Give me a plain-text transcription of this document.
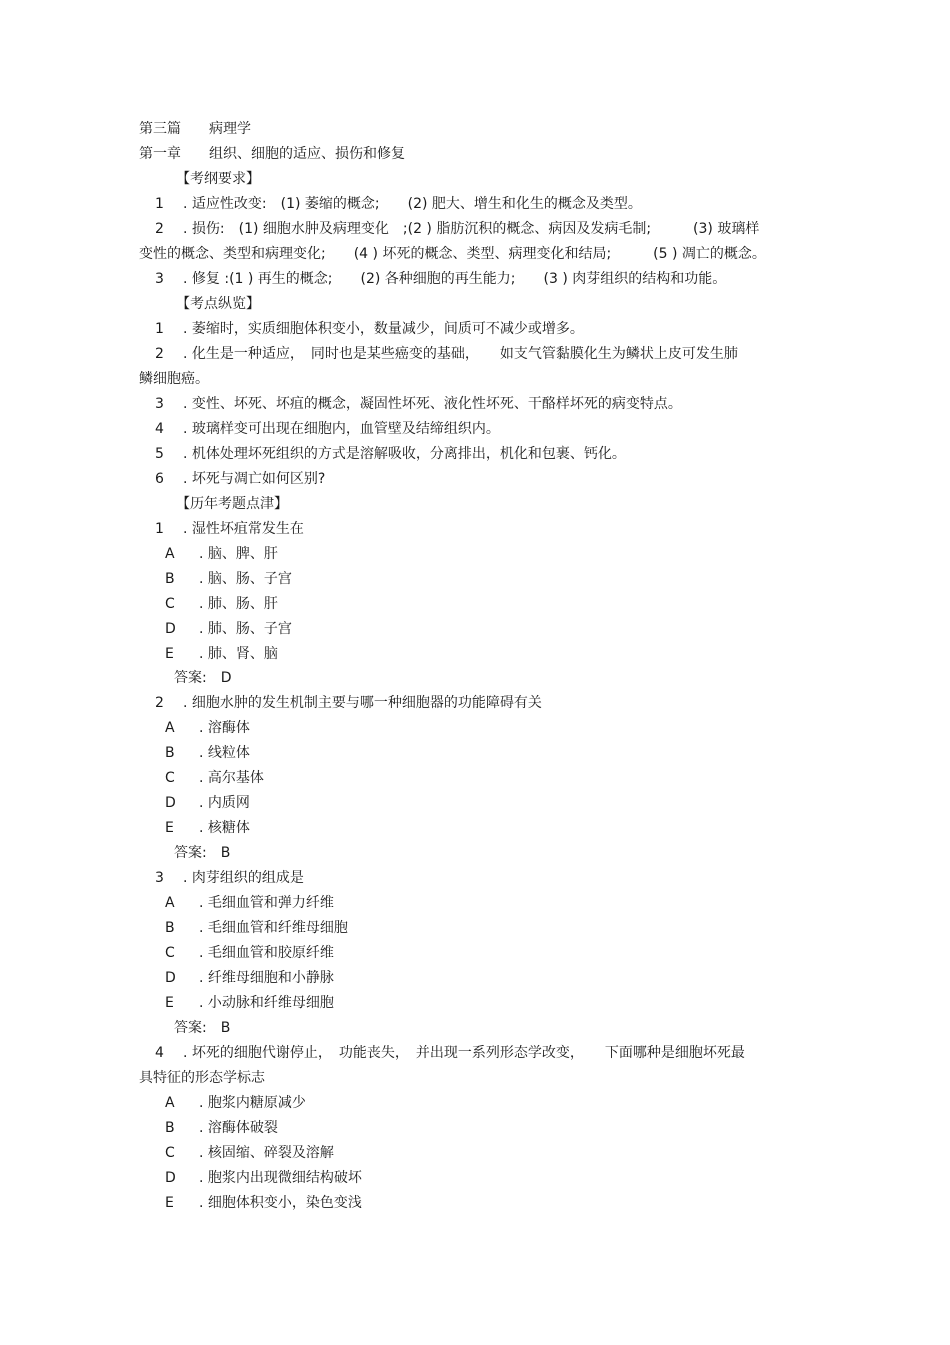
第三篇　　病理学
第一章　　组织、细胞的适应、损伤和修复
【考纲要求】
1 . 适应性改变:　(1) 萎缩的概念;　　(2) 肥大、增生和化生的概念及类型。
2 . 损伤:　(1) 细胞水肿及病理变化　;(2 ) 脂肪沉积的概念、病因及发病毛制;　　　(3) 玻璃样
变性的概念、类型和病理变化;　　(4 ) 坏死的概念、类型、病理变化和结局;　　　(5 ) 凋亡的概念。
3 . 修复 :(1 ) 再生的概念;　　(2) 各种细胞的再生能力;　　(3 ) 肉芽组织的结构和功能。
【考点纵览】
1 . 萎缩时，实质细胞体积变小，数量减少，间质可不减少或增多。
2 . 化生是一种适应，　同时也是某些癌变的基础，　　如支气管黏膜化生为鳞状上皮可发生肺
鳞细胞癌。
3 . 变性、坏死、坏疽的概念，凝固性坏死、液化性坏死、干酪样坏死的病变特点。
4 . 玻璃样变可出现在细胞内，血管壁及结缔组织内。
5 . 机体处理坏死组织的方式是溶解吸收，分离排出，机化和包裹、钙化。
6 . 坏死与凋亡如何区别?
【历年考题点津】
1 . 湿性坏疽常发生在
A . 脑、脾、肝
B . 脑、肠、子宫
C . 肺、肠、肝
D . 肺、肠、子宫
E . 肺、肾、脑
答案:　D
2 . 细胞水肿的发生机制主要与哪一种细胞器的功能障碍有关
A . 溶酶体
B . 线粒体
C . 高尔基体
D . 内质网
E . 核糖体
答案:　B
3 . 肉芽组织的组成是
A . 毛细血管和弹力纤维
B . 毛细血管和纤维母细胞
C . 毛细血管和胶原纤维
D . 纤维母细胞和小静脉
E . 小动脉和纤维母细胞
答案:　B
4 . 坏死的细胞代谢停止，　功能丧失，　并出现一系列形态学改变，　　下面哪种是细胞坏死最
具特征的形态学标志
A . 胞浆内糖原减少
B . 溶酶体破裂
C . 核固缩、碎裂及溶解
D . 胞浆内出现微细结构破坏
E . 细胞体积变小，染色变浅
